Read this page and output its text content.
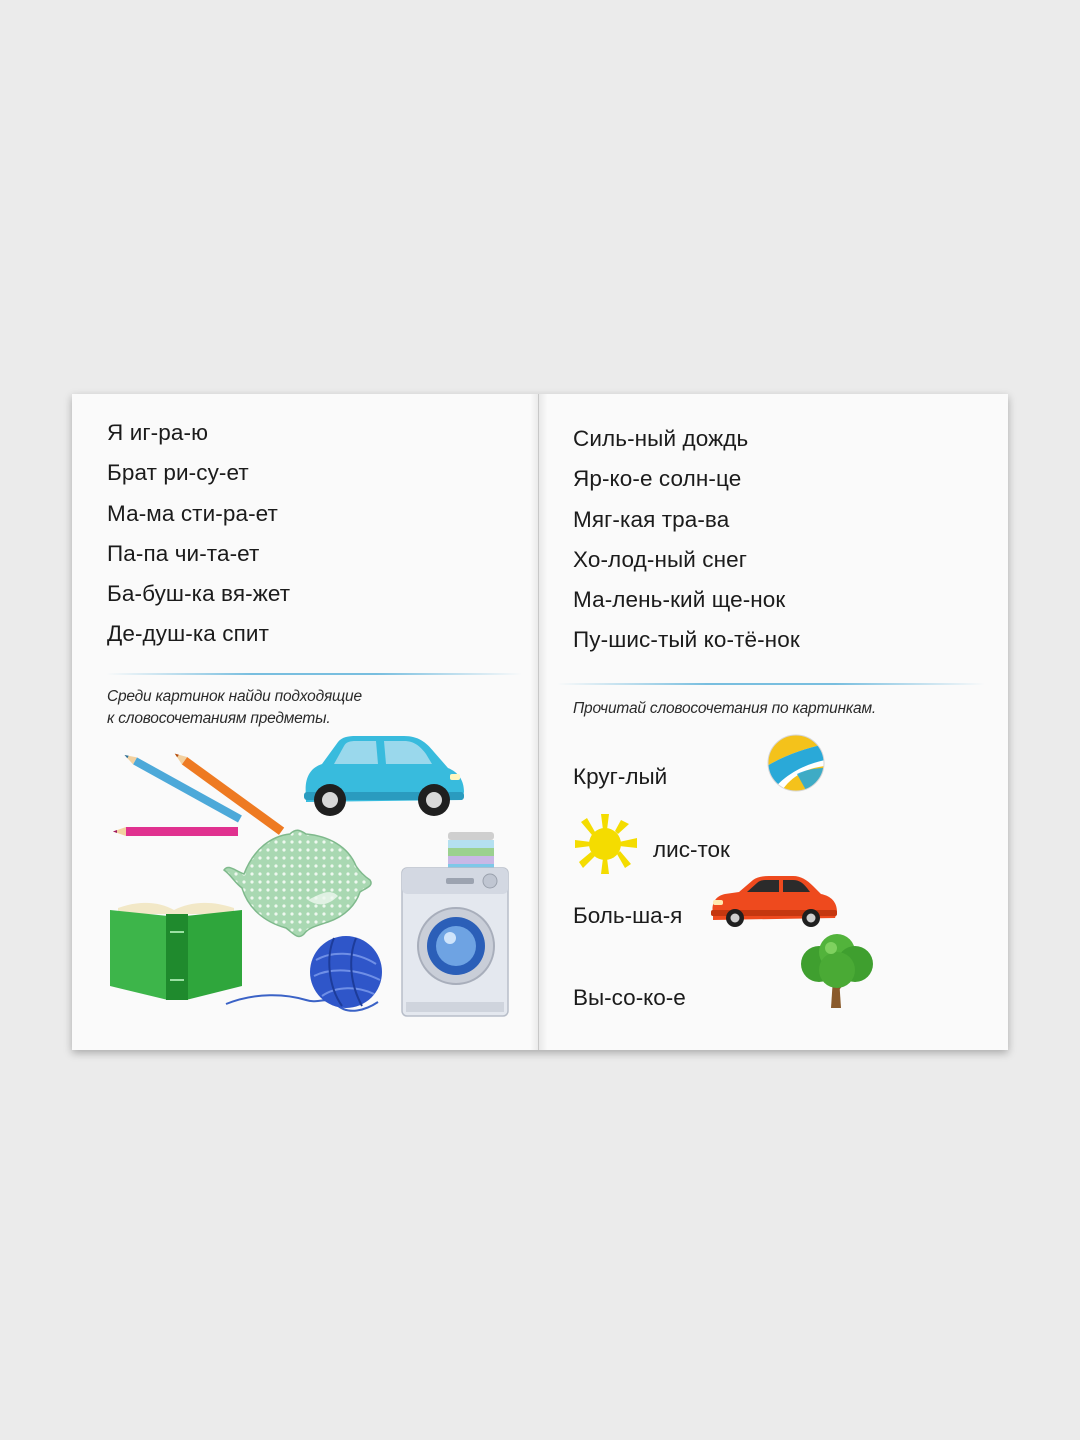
Я иг-ра-ю
Брат ри-су-ет
Ма-ма сти-ра-ет
Па-па чи-та-ет
Ба-буш-ка вя-жет
Де-душ-ка спит
Среди картинок найди подходящие
к словосочетаниям предметы.
Силь-ный дождь
Яр-ко-е солн-це
Мяг-кая тра-ва
Хо-лод-ный снег
Ма-лень-кий ще-нок
Пу-шис-тый ко-тё-нок
Прочитай словосочетания по картинкам.
Круг-лый
лис-ток
Боль-ша-я
Вы-со-ко-е
